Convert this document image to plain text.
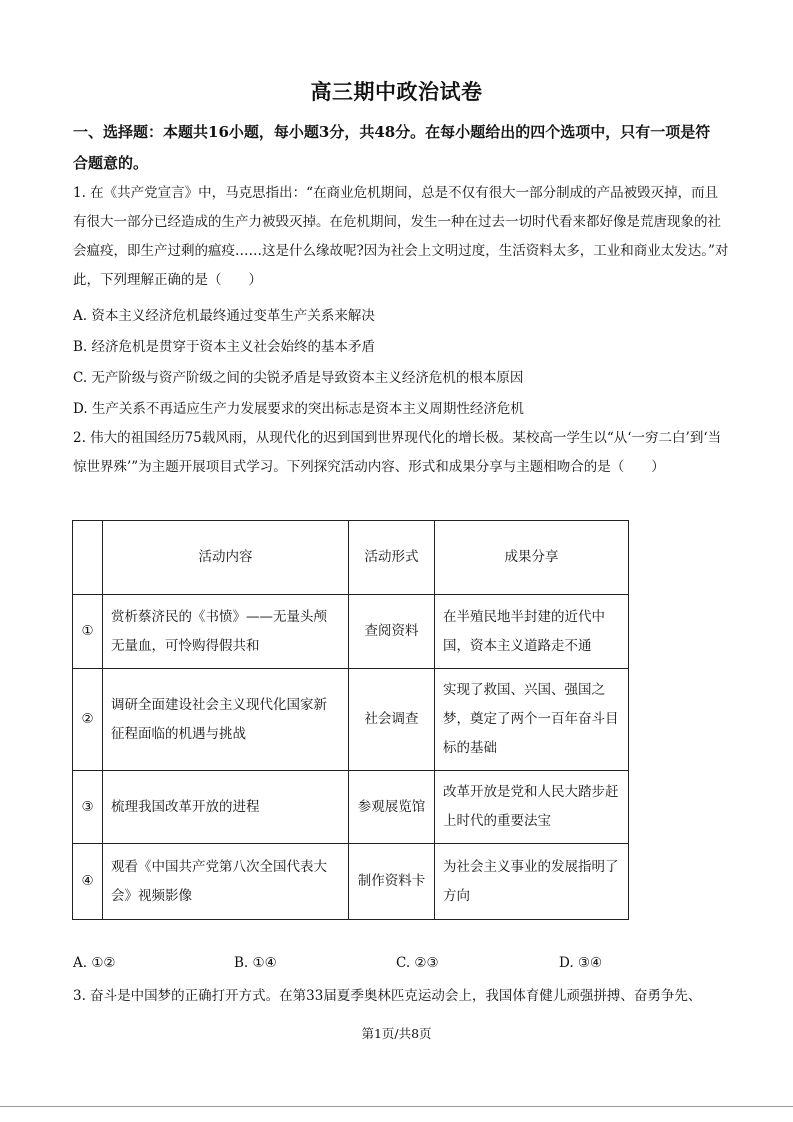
高三期中政治试卷
一、选择题：本题共16小题，每小题3分，共48分。在每小题给出的四个选项中，只有一项是符合题意的。
1. 在《共产党宣言》中，马克思指出：“在商业危机期间，总是不仅有很大一部分制成的产品被毁灭掉，而且有很大一部分已经造成的生产力被毁灭掉。在危机期间，发生一种在过去一切时代看来都好像是荒唐现象的社会瘟疫，即生产过剩的瘟疫……这是什么缘故呢?因为社会上文明过度，生活资料太多，工业和商业太发达。”对此，下列理解正确的是（　　）
A. 资本主义经济危机最终通过变革生产关系来解决
B. 经济危机是贯穿于资本主义社会始终的基本矛盾
C. 无产阶级与资产阶级之间的尖锐矛盾是导致资本主义经济危机的根本原因
D. 生产关系不再适应生产力发展要求的突出标志是资本主义周期性经济危机
2. 伟大的祖国经历75载风雨，从现代化的迟到国到世界现代化的增长极。某校高一学生以“从‘一穷二白’到‘当惊世界殊’”为主题开展项目式学习。下列探究活动内容、形式和成果分享与主题相吻合的是（　　）
	活动内容	活动形式	成果分享
①	赏析蔡济民的《书愤》——无量头颅无量血，可怜购得假共和	查阅资料	在半殖民地半封建的近代中国，资本主义道路走不通
②	调研全面建设社会主义现代化国家新征程面临的机遇与挑战	社会调查	实现了救国、兴国、强国之梦，奠定了两个一百年奋斗目标的基础
③	梳理我国改革开放的进程	参观展览馆	改革开放是党和人民大踏步赶上时代的重要法宝
④	观看《中国共产党第八次全国代表大会》视频影像	制作资料卡	为社会主义事业的发展指明了方向
A. ①②	B. ①④	C. ②③	D. ③④
3. 奋斗是中国梦的正确打开方式。在第33届夏季奥林匹克运动会上，我国体育健儿顽强拼搏、奋勇争先、
第1页/共8页
